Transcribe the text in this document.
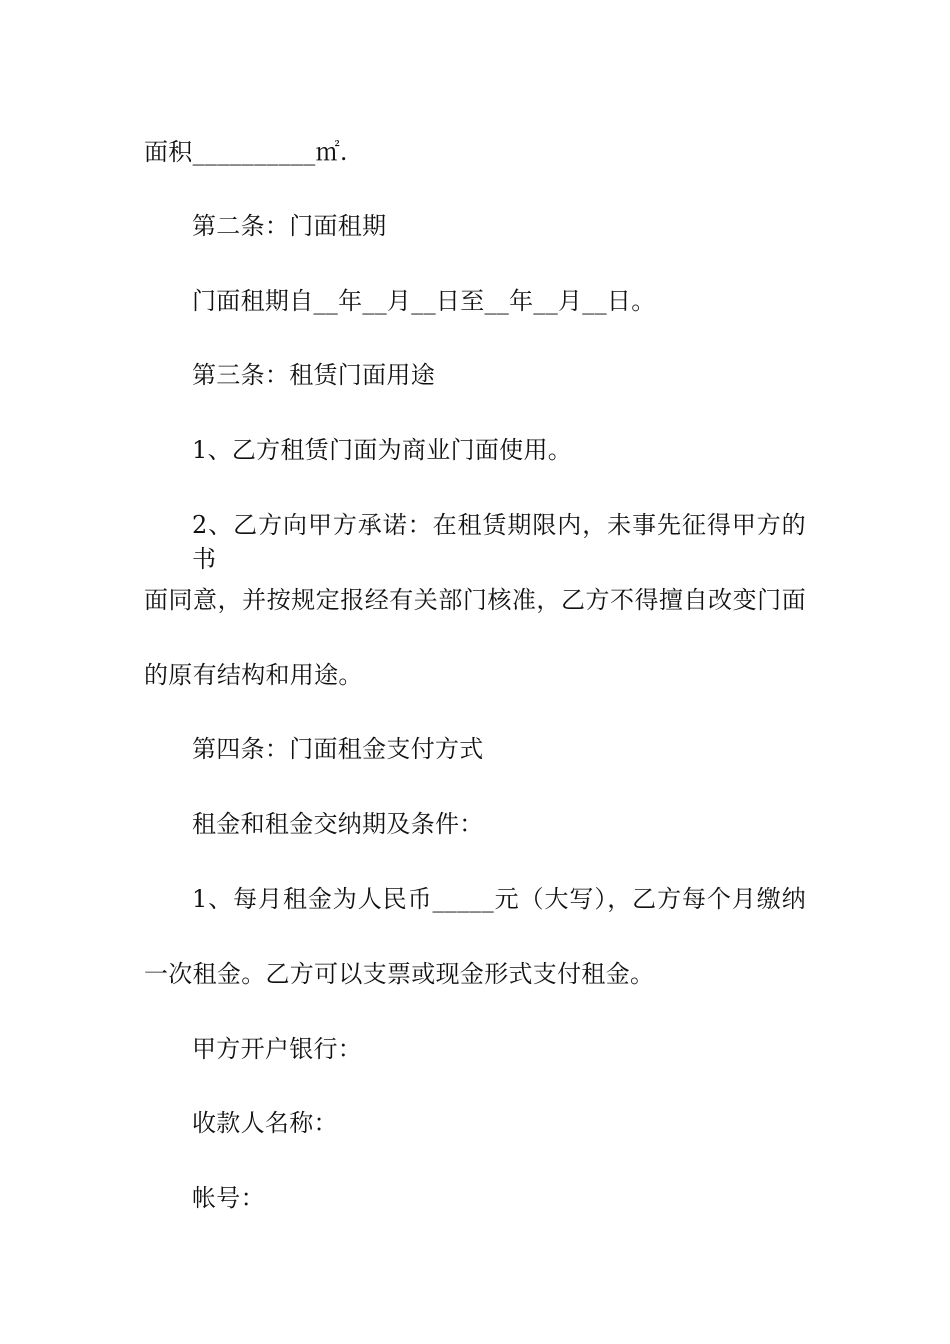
面积__________㎡.

第二条：门面租期

门面租期自__年__月__日至__年__月__日。

第三条：租赁门面用途

1、乙方租赁门面为商业门面使用。

2、乙方向甲方承诺：在租赁期限内，未事先征得甲方的书

面同意，并按规定报经有关部门核准，乙方不得擅自改变门面

的原有结构和用途。

第四条：门面租金支付方式

租金和租金交纳期及条件：

1、每月租金为人民币_____元（大写），乙方每个月缴纳

一次租金。乙方可以支票或现金形式支付租金。

甲方开户银行：

收款人名称：

帐号：
